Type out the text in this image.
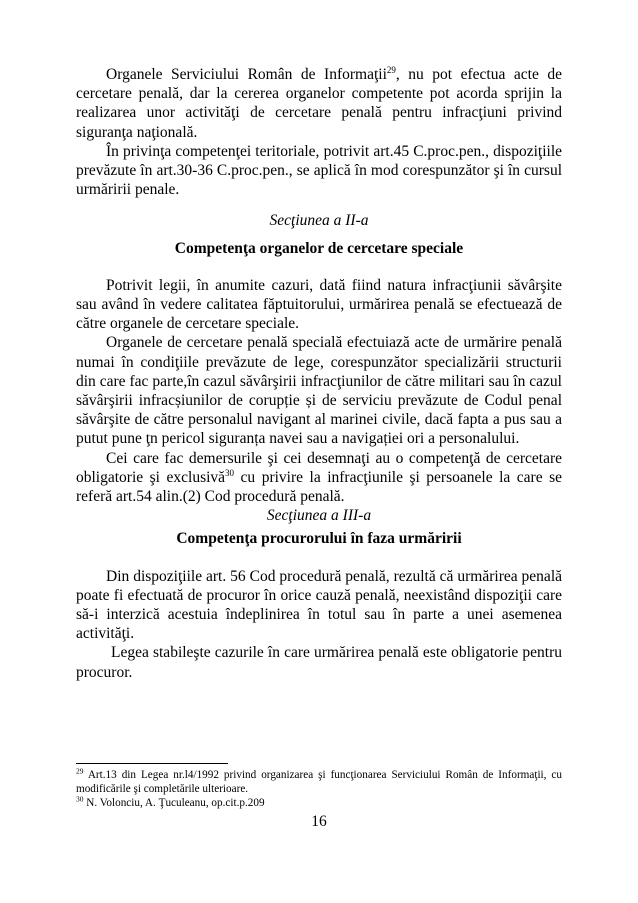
Organele Serviciului Român de Informaţii$^{29}$, nu pot efectua acte de cercetare penală, dar la cererea organelor competente pot acorda sprijin la realizarea unor activităţi de cercetare penală pentru infracţiuni privind siguranţa naţională.

În privinţa competenţei teritoriale, potrivit art.45 C.proc.pen., dispoziţiile prevăzute în art.30-36 C.proc.pen., se aplică în mod corespunzător şi în cursul urmăririi penale.

Secţiunea a II-a

Competenţa organelor de cercetare speciale

Potrivit legii, în anumite cazuri, dată fiind natura infracţiunii săvârşite sau având în vedere calitatea făptuitorului, urmărirea penală se efectuează de către organele de cercetare speciale.

Organele de cercetare penală specială efectuiază acte de urmărire penală numai în condiţiile prevăzute de lege, corespunzător specializării structurii din care fac parte,în cazul săvârşirii infracţiunilor de către militari sau în cazul săvârşirii infracșiunilor de corupție și de serviciu prevăzute de Codul penal săvârşite de către personalul navigant al marinei civile, dacă fapta a pus sau a putut pune ţn pericol siguranța navei sau a navigației ori a personalului.

Cei care fac demersurile şi cei desemnaţi au o competenţă de cercetare obligatorie şi exclusivă$^{30}$ cu privire la infracţiunile şi persoanele la care se referă art.54 alin.(2) Cod procedură penală.

Secţiunea a III-a

Competenţa procurorului în faza urmăririi

Din dispoziţiile art. 56 Cod procedură penală, rezultă că urmărirea penală poate fi efectuată de procuror în orice cauză penală, neexistând dispoziţii care să-i interzică acestuia îndeplinirea în totul sau în parte a unei asemenea activităţi.

Legea stabileşte cazurile în care urmărirea penală este obligatorie pentru procuror.

$^{29}$ Art.13 din Legea nr.l4/1992 privind organizarea şi funcţionarea Serviciului Român de Informaţii, cu modificările şi completările ulterioare.

$^{30}$ N. Volonciu, A. Ţuculeanu, op.cit.p.209

16
